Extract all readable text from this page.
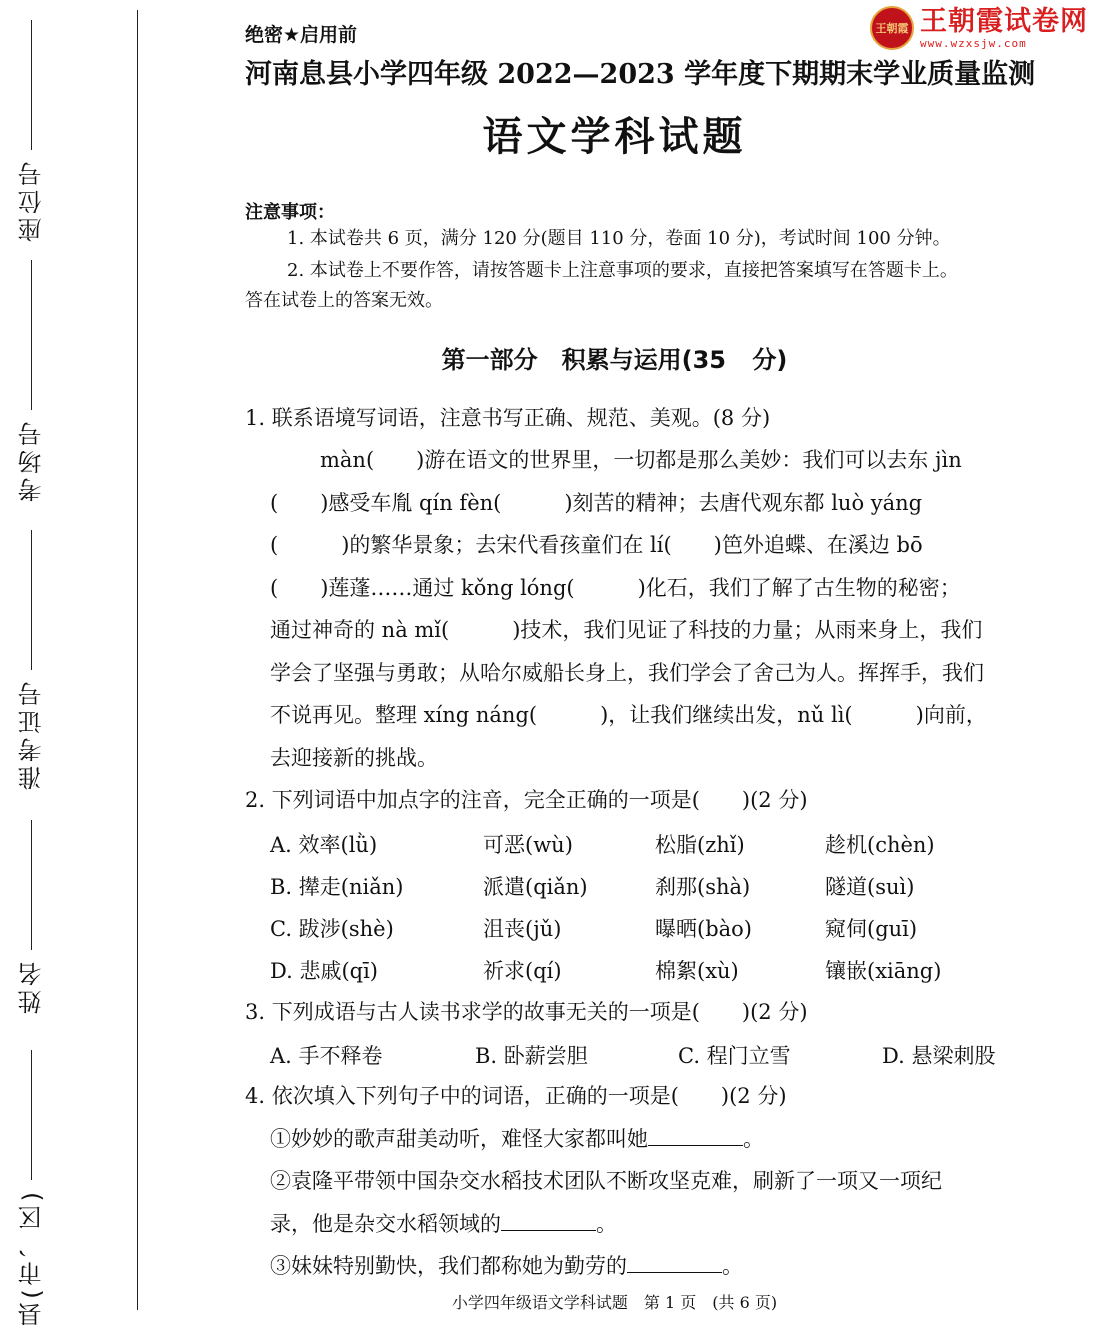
座位号
考场号
准考证号
姓名
县(市、区)
绝密★启用前	王朝霞 王朝霞试卷网
www.wzxsjw.com
河南息县小学四年级 2022—2023 学年度下期期末学业质量监测
语文学科试题
注意事项：
1. 本试卷共 6 页，满分 120 分(题目 110 分，卷面 10 分)，考试时间 100 分钟。
2. 本试卷上不要作答，请按答题卡上注意事项的要求，直接把答案填写在答题卡上。
答在试卷上的答案无效。
第一部分　积累与运用(35 分)
1. 联系语境写词语，注意书写正确、规范、美观。(8 分)
màn(　　)游在语文的世界里，一切都是那么美妙：我们可以去东 jìn
(　　)感受车胤 qín fèn(　　　)刻苦的精神；去唐代观东都 luò yáng
(　　　)的繁华景象；去宋代看孩童们在 lí(　　)笆外追蝶、在溪边 bō
(　　)莲蓬……通过 kǒng lóng(　　　)化石，我们了解了古生物的秘密；
通过神奇的 nà mǐ(　　　)技术，我们见证了科技的力量；从雨来身上，我们
学会了坚强与勇敢；从哈尔威船长身上，我们学会了舍己为人。挥挥手，我们
不说再见。整理 xíng náng(　　　)，让我们继续出发，nǔ lì(　　　)向前，
去迎接新的挑战。
2. 下列词语中加点字的注音，完全正确的一项是(　　)(2 分)
A. 效率(lǜ)	可恶(wù)	松脂(zhǐ)	趁机(chèn)
B. 撵走(niǎn)	派遣(qiǎn)	刹那(shà)	隧道(suì)
C. 跋涉(shè)	沮丧(jǔ)	曝晒(bào)	窥伺(guī)
D. 悲戚(qī)	祈求(qí)	棉絮(xù)	镶嵌(xiāng)
3. 下列成语与古人读书求学的故事无关的一项是(　　)(2 分)
A. 手不释卷	B. 卧薪尝胆	C. 程门立雪	D. 悬梁刺股
4. 依次填入下列句子中的词语，正确的一项是(　　)(2 分)
①妙妙的歌声甜美动听，难怪大家都叫她	。
②袁隆平带领中国杂交水稻技术团队不断攻坚克难，刷新了一项又一项纪
录，他是杂交水稻领域的	。
③妹妹特别勤快，我们都称她为勤劳的	。
小学四年级语文学科试题　第 1 页　(共 6 页)
